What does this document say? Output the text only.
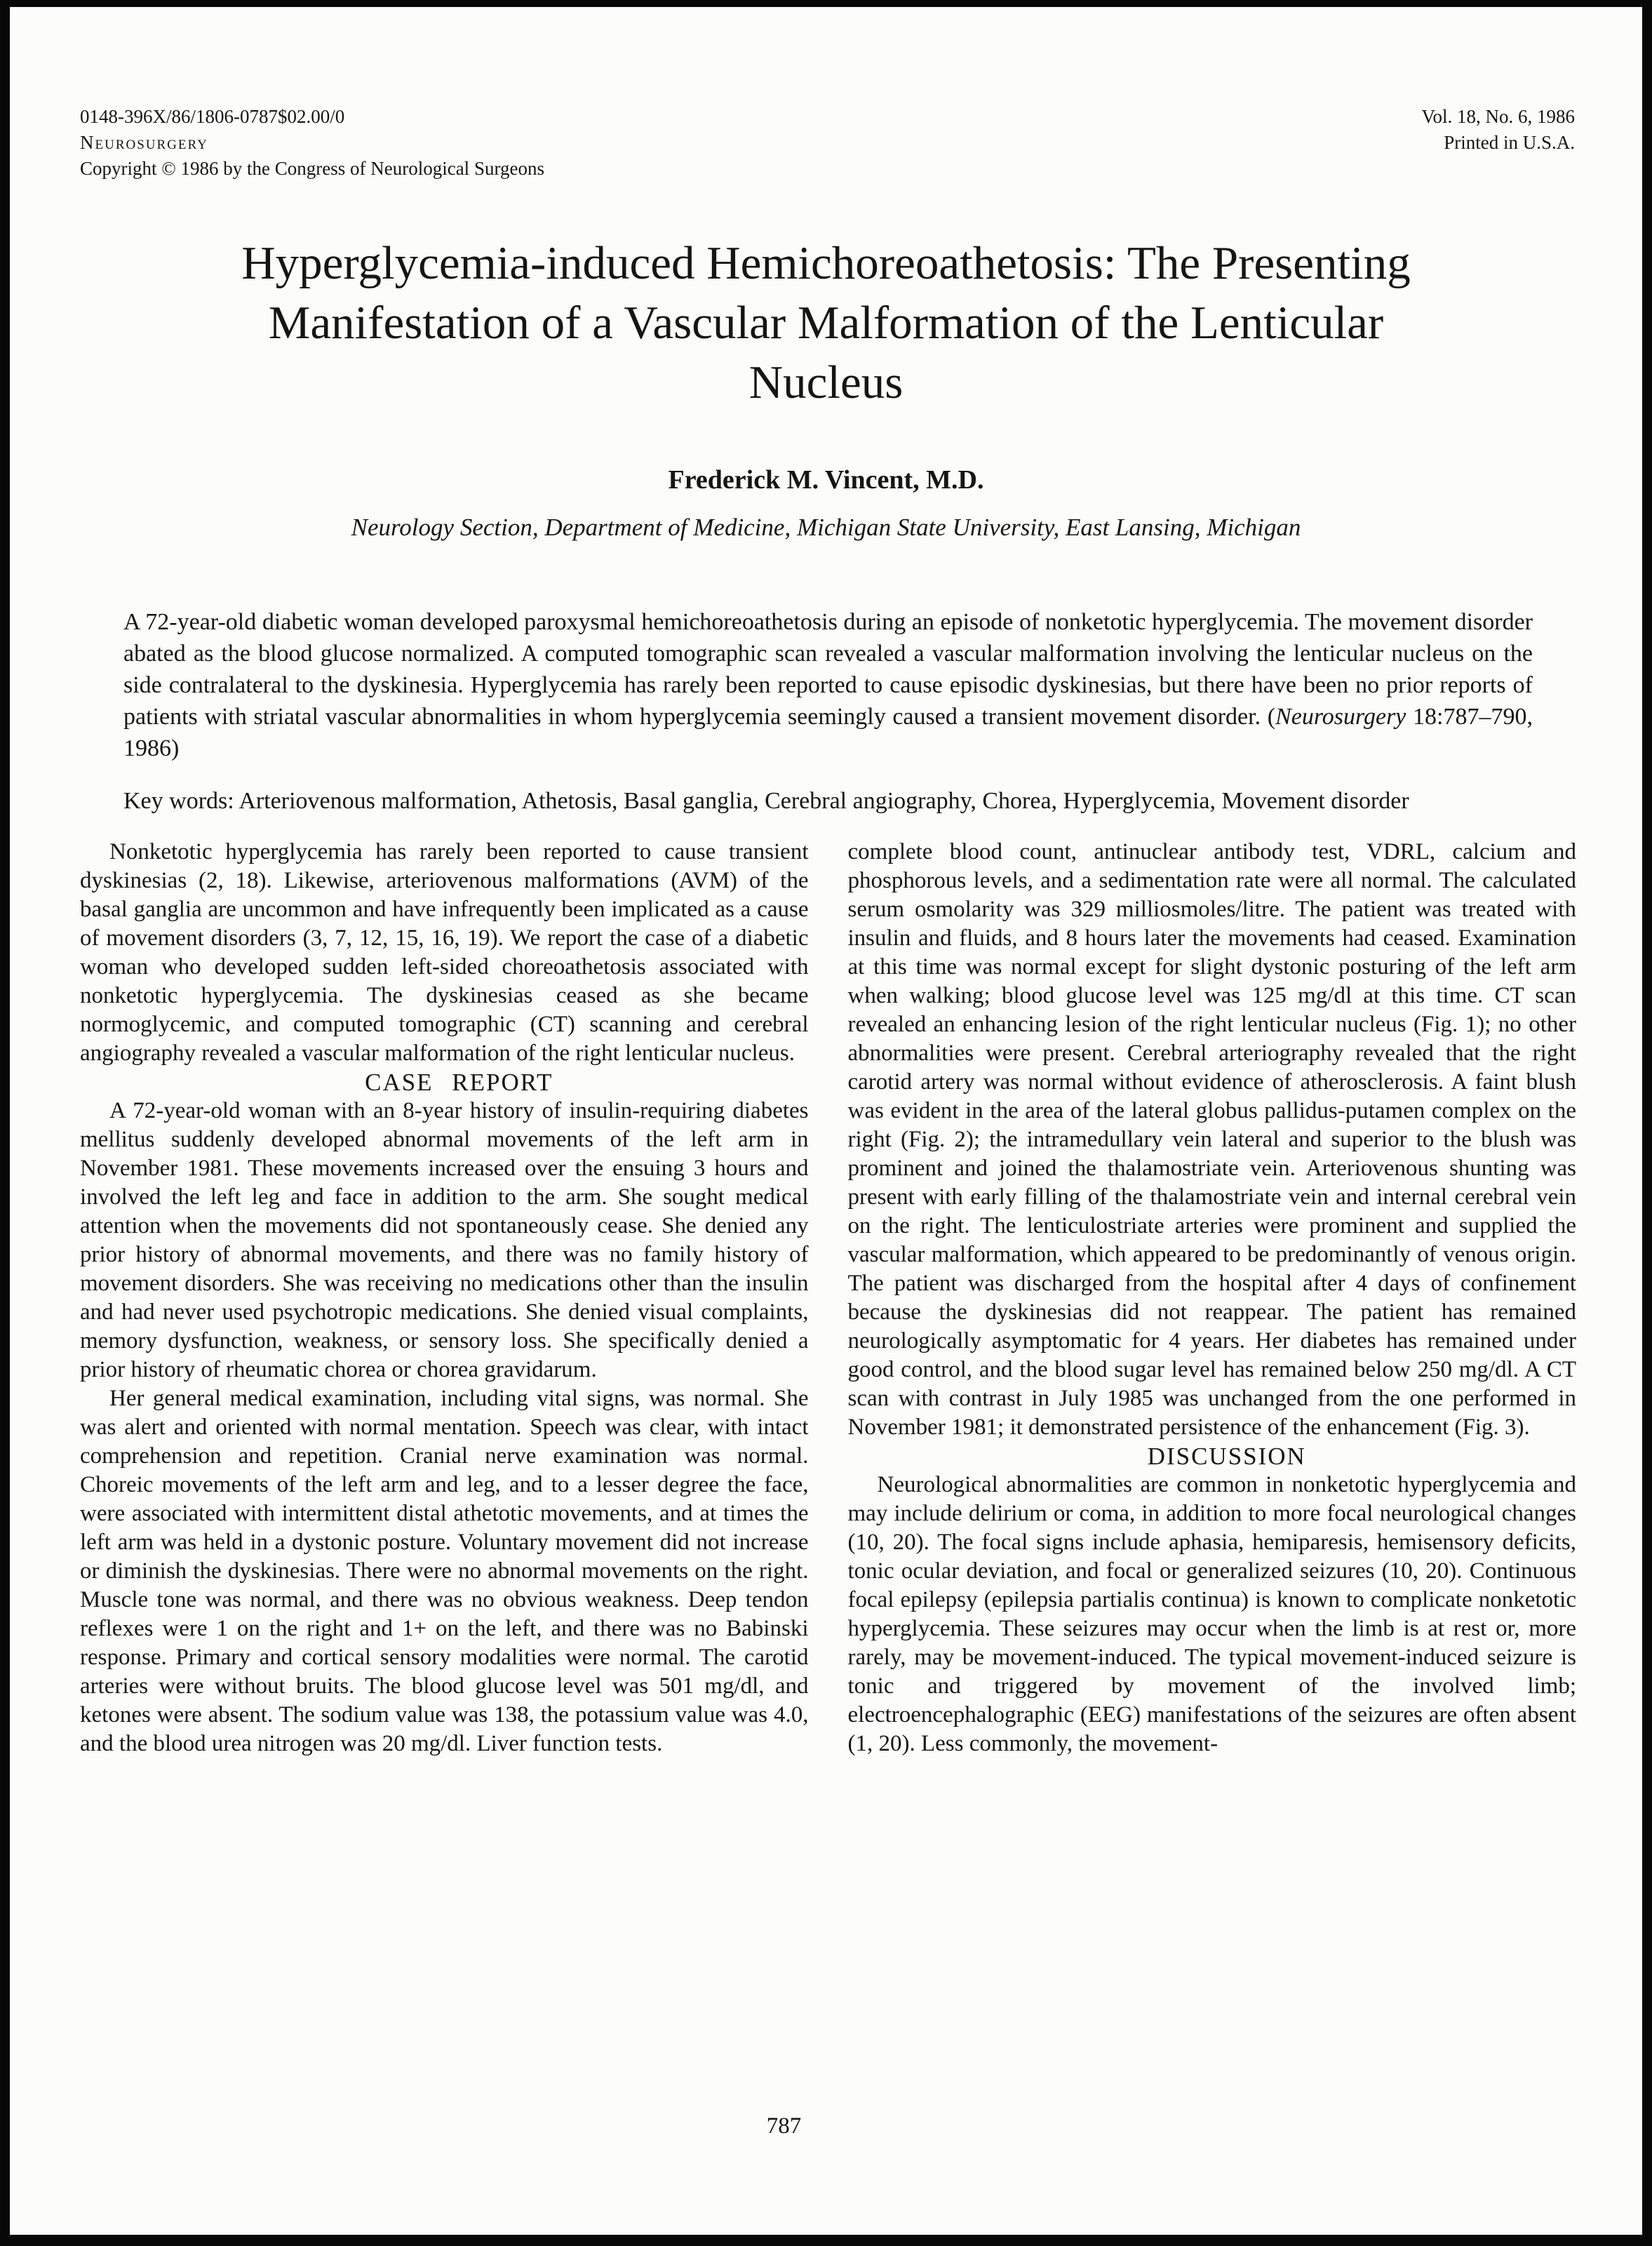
0148-396X/86/1806-0787$02.00/0
Neurosurgery
Copyright © 1986 by the Congress of Neurological Surgeons
Vol. 18, No. 6, 1986
Printed in U.S.A.
Hyperglycemia-induced Hemichoreoathetosis: The Presenting
Manifestation of a Vascular Malformation of the Lenticular
Nucleus
Frederick M. Vincent, M.D.
Neurology Section, Department of Medicine, Michigan State University, East Lansing, Michigan

A 72-year-old diabetic woman developed paroxysmal hemichoreoathetosis during an episode of nonketotic hyperglycemia. The movement disorder abated as the blood glucose normalized. A computed tomographic scan revealed a vascular malformation involving the lenticular nucleus on the side contralateral to the dyskinesia. Hyperglycemia has rarely been reported to cause episodic dyskinesias, but there have been no prior reports of patients with striatal vascular abnormalities in whom hyperglycemia seemingly caused a transient movement disorder. (Neurosurgery 18:787–790, 1986)

Key words: Arteriovenous malformation, Athetosis, Basal ganglia, Cerebral angiography, Chorea, Hyperglycemia, Movement disorder

Nonketotic hyperglycemia has rarely been reported to cause transient dyskinesias (2, 18). Likewise, arteriovenous malformations (AVM) of the basal ganglia are uncommon and have infrequently been implicated as a cause of movement disorders (3, 7, 12, 15, 16, 19). We report the case of a diabetic woman who developed sudden left-sided choreoathetosis associated with nonketotic hyperglycemia. The dyskinesias ceased as she became normoglycemic, and computed tomographic (CT) scanning and cerebral angiography revealed a vascular malformation of the right lenticular nucleus.

CASE REPORT

A 72-year-old woman with an 8-year history of insulin-requiring diabetes mellitus suddenly developed abnormal movements of the left arm in November 1981. These movements increased over the ensuing 3 hours and involved the left leg and face in addition to the arm. She sought medical attention when the movements did not spontaneously cease. She denied any prior history of abnormal movements, and there was no family history of movement disorders. She was receiving no medications other than the insulin and had never used psychotropic medications. She denied visual complaints, memory dysfunction, weakness, or sensory loss. She specifically denied a prior history of rheumatic chorea or chorea gravidarum.

Her general medical examination, including vital signs, was normal. She was alert and oriented with normal mentation. Speech was clear, with intact comprehension and repetition. Cranial nerve examination was normal. Choreic movements of the left arm and leg, and to a lesser degree the face, were associated with intermittent distal athetotic movements, and at times the left arm was held in a dystonic posture. Voluntary movement did not increase or diminish the dyskinesias. There were no abnormal movements on the right. Muscle tone was normal, and there was no obvious weakness. Deep tendon reflexes were 1 on the right and 1+ on the left, and there was no Babinski response. Primary and cortical sensory modalities were normal. The carotid arteries were without bruits. The blood glucose level was 501 mg/dl, and ketones were absent. The sodium value was 138, the potassium value was 4.0, and the blood urea nitrogen was 20 mg/dl. Liver function tests.

complete blood count, antinuclear antibody test, VDRL, calcium and phosphorous levels, and a sedimentation rate were all normal. The calculated serum osmolarity was 329 milliosmoles/litre. The patient was treated with insulin and fluids, and 8 hours later the movements had ceased. Examination at this time was normal except for slight dystonic posturing of the left arm when walking; blood glucose level was 125 mg/dl at this time. CT scan revealed an enhancing lesion of the right lenticular nucleus (Fig. 1); no other abnormalities were present. Cerebral arteriography revealed that the right carotid artery was normal without evidence of atherosclerosis. A faint blush was evident in the area of the lateral globus pallidus-putamen complex on the right (Fig. 2); the intramedullary vein lateral and superior to the blush was prominent and joined the thalamostriate vein. Arteriovenous shunting was present with early filling of the thalamostriate vein and internal cerebral vein on the right. The lenticulostriate arteries were prominent and supplied the vascular malformation, which appeared to be predominantly of venous origin. The patient was discharged from the hospital after 4 days of confinement because the dyskinesias did not reappear. The patient has remained neurologically asymptomatic for 4 years. Her diabetes has remained under good control, and the blood sugar level has remained below 250 mg/dl. A CT scan with contrast in July 1985 was unchanged from the one performed in November 1981; it demonstrated persistence of the enhancement (Fig. 3).

DISCUSSION

Neurological abnormalities are common in nonketotic hyperglycemia and may include delirium or coma, in addition to more focal neurological changes (10, 20). The focal signs include aphasia, hemiparesis, hemisensory deficits, tonic ocular deviation, and focal or generalized seizures (10, 20). Continuous focal epilepsy (epilepsia partialis continua) is known to complicate nonketotic hyperglycemia. These seizures may occur when the limb is at rest or, more rarely, may be movement-induced. The typical movement-induced seizure is tonic and triggered by movement of the involved limb; electroencephalographic (EEG) manifestations of the seizures are often absent (1, 20). Less commonly, the movement-

787
